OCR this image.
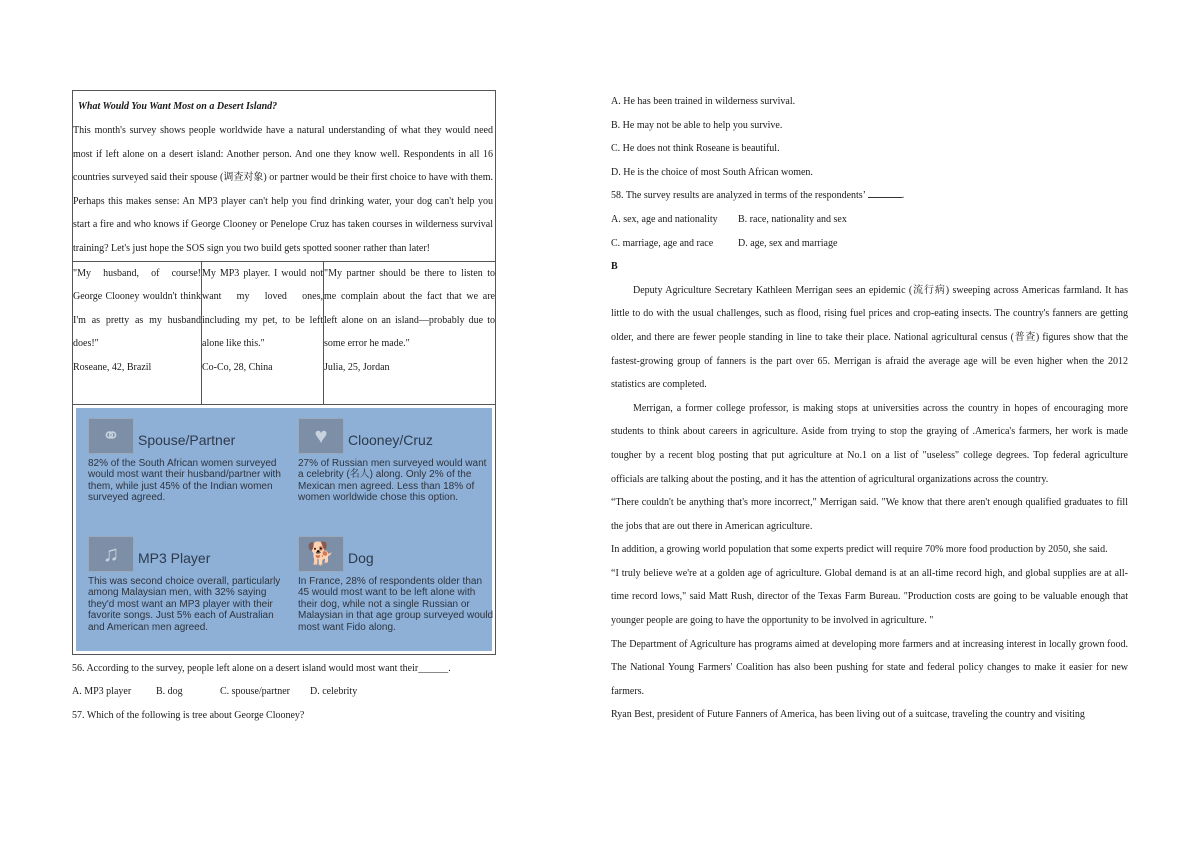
What Would You Want Most on a Desert Island?

This month's survey shows people worldwide have a natural understanding of what they would need most if left alone on a desert island: Another person. And one they know well. Respondents in all 16 countries surveyed said their spouse (调查对象) or partner would be their first choice to have with them. Perhaps this makes sense: An MP3 player can't help you find drinking water, your dog can't help you start a fire and who knows if George Clooney or Penelope Cruz has taken courses in wilderness survival training? Let's just hope the SOS sign you two build gets spotted sooner rather than later!

"My husband, of course! George Clooney wouldn't think I'm as pretty as my husband does!"
Roseane, 42, Brazil
My MP3 player. I would not want my loved ones, including my pet, to be left alone like this."
Co-Co, 28, China
"My partner should be there to listen to me complain about the fact that we are left alone on an island—probably due to some error he made."
Julia, 25, Jordan
⚭	Spouse/Partner
82% of the South African women surveyed would most want their husband/partner with them, while just 45% of the Indian women surveyed agreed.
♥	Clooney/Cruz
27% of Russian men surveyed would want a celebrity (名人) along. Only 2% of the Mexican men agreed. Less than 18% of women worldwide chose this option.
♫	MP3 Player
This was second choice overall, particularly among Malaysian men, with 32% saying they'd most want an MP3 player with their favorite songs. Just 5% each of Australian and American men agreed.
🐕 Dog
In France, 28% of respondents older than 45 would most want to be left alone with their dog, while not a single Russian or Malaysian in that age group surveyed would most want Fido along.
56. According to the survey, people left alone on a desert island would most want their______.
A. MP3 player B. dog	C. spouse/partner D. celebrity
57. Which of the following is tree about George Clooney?
A. He has been trained in wilderness survival.
B. He may not be able to help you survive.
C. He does not think Roseane is beautiful.
D. He is the choice of most South African women.
58. The survey results are analyzed in terms of the respondents’	.
A. sex, age and nationality B. race, nationality and sex
C. marriage, age and race D. age, sex and marriage
B
Deputy Agriculture Secretary Kathleen Merrigan sees an epidemic (流行病) sweeping across Americas farmland. It has little to do with the usual challenges, such as flood, rising fuel prices and crop-eating insects. The country's fanners are getting older, and there are fewer people standing in line to take their place. National agricultural census (普查) figures show that the fastest-growing group of fanners is the part over 65. Merrigan is afraid the average age will be even higher when the 2012 statistics are completed.
Merrigan, a former college professor, is making stops at universities across the country in hopes of encouraging more students to think about careers in agriculture. Aside from trying to stop the graying of .America's farmers, her work is made tougher by a recent blog posting that put agriculture at No.1 on a list of "useless" college degrees. Top federal agriculture officials are talking about the posting, and it has the attention of agricultural organizations across the country.
“There couldn't be anything that's more incorrect," Merrigan said. "We know that there aren't enough qualified graduates to fill the jobs that are out there in American agriculture.
In addition, a growing world population that some experts predict will require 70% more food production by 2050, she said.
“I truly believe we're at a golden age of agriculture. Global demand is at an all-time record high, and global supplies are at all-time record lows," said Matt Rush, director of the Texas Farm Bureau. "Production costs are going to be valuable enough that younger people are going to have the opportunity to be involved in agriculture. "
The Department of Agriculture has programs aimed at developing more farmers and at increasing interest in locally grown food. The National Young Farmers' Coalition has also been pushing for state and federal policy changes to make it easier for new farmers.
Ryan Best, president of Future Fanners of America, has been living out of a suitcase, traveling the country and visiting
